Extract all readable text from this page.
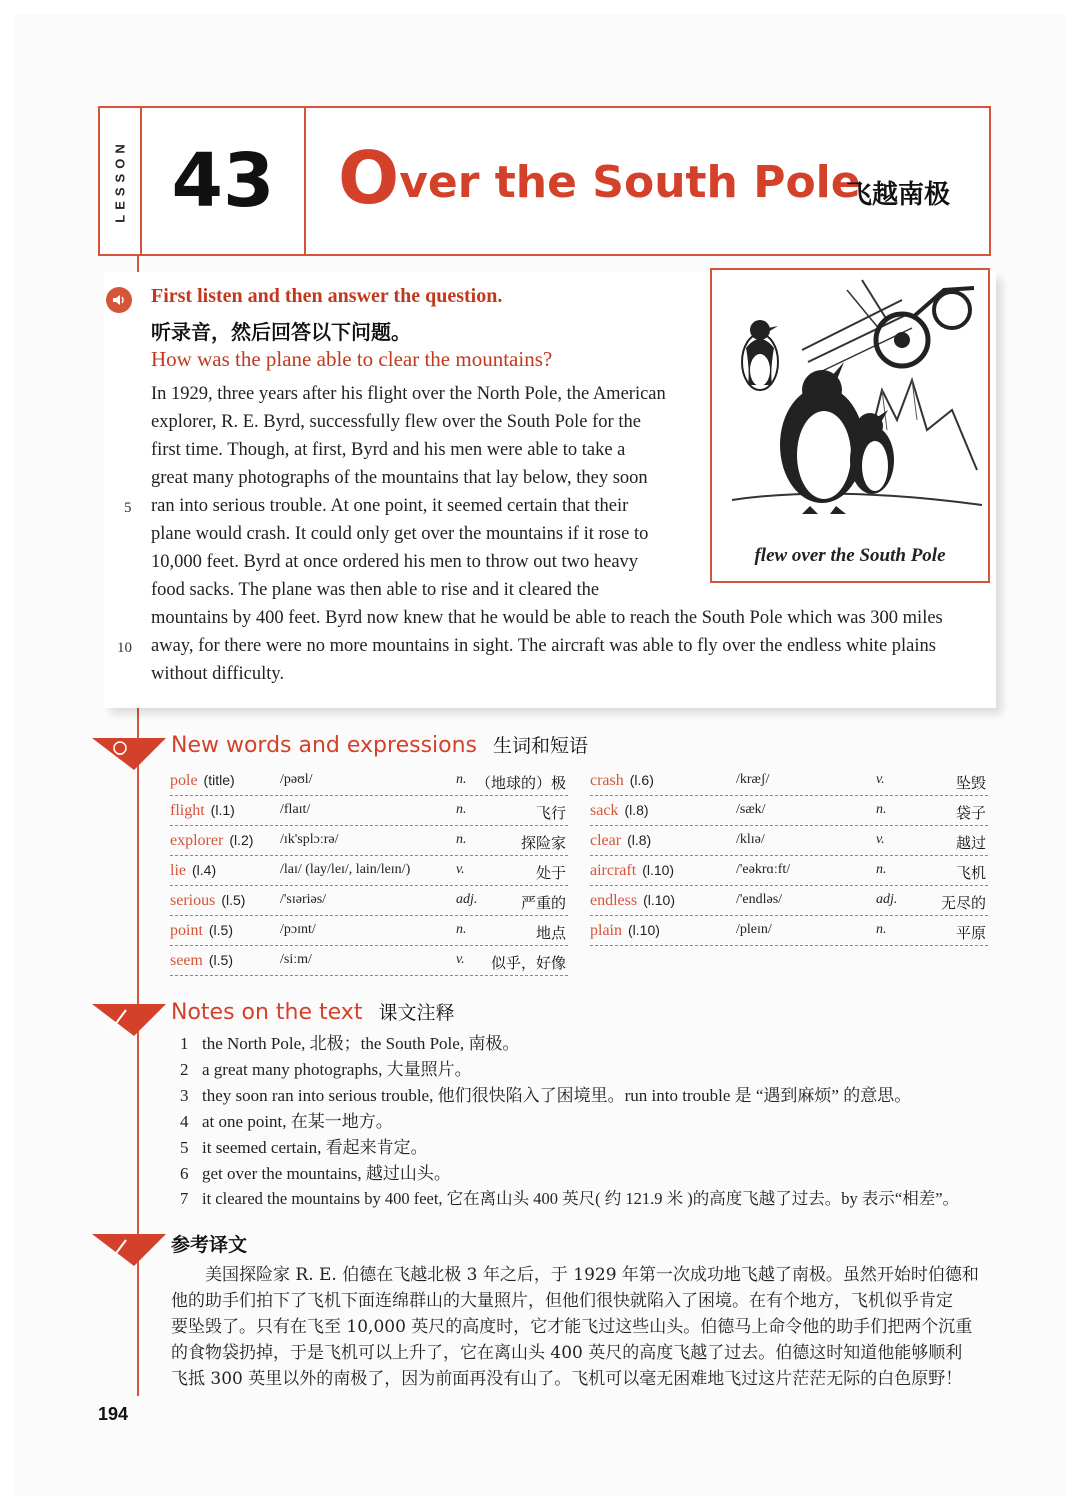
LESSON 43 Over the South Pole
飞越南极
First listen and then answer the question.
听录音，然后回答以下问题。
How was the plane able to clear the mountains?
In 1929, three years after his flight over the North Pole, the American
explorer, R. E. Byrd, successfully flew over the South Pole for the
first time. Though, at first, Byrd and his men were able to take a
great many photographs of the mountains that lay below, they soon
ran into serious trouble. At one point, it seemed certain that their
plane would crash. It could only get over the mountains if it rose to
10,000 feet. Byrd at once ordered his men to throw out two heavy
food sacks. The plane was then able to rise and it cleared the
mountains by 400 feet. Byrd now knew that he would be able to reach the South Pole which was 300 miles
away, for there were no more mountains in sight. The aircraft was able to fly over the endless white plains
without difficulty.
5
10
flew over the South Pole
New words and expressions 生词和短语
pole (title)	/pəʊl/	n. （地球的）极
flight (l.1)	/flaɪt/	n.	飞行
explorer (l.2) /ɪk'splɔːrə/	n.	探险家
lie (l.4)	/laɪ/ (lay/leɪ/, lain/leɪn/)	v.	处于
serious (l.5) /'sɪəriəs/	adj.	严重的
point (l.5)	/pɔɪnt/	n.	地点
seem (l.5)	/siːm/	v. 似乎，好像
crash (l.6)	/kræʃ/	v.	坠毁
sack (l.8)	/sæk/	n.	袋子
clear (l.8)	/klɪə/	v.	越过
aircraft (l.10)	/'eəkrɑːft/	n.	飞机
endless (l.10)	/'endləs/	adj.	无尽的
plain (l.10)	/pleɪn/	n.	平原
Notes on the text 课文注释
1 the North Pole, 北极；the South Pole, 南极。
2 a great many photographs, 大量照片。
3 they soon ran into serious trouble, 他们很快陷入了困境里。run into trouble 是 “遇到麻烦” 的意思。
4 at one point, 在某一地方。
5 it seemed certain, 看起来肯定。
6 get over the mountains, 越过山头。
7 it cleared the mountains by 400 feet, 它在离山头 400 英尺( 约 121.9 米 )的高度飞越了过去。by 表示“相差”。
参考译文
　　美国探险家 R. E. 伯德在飞越北极 3 年之后，于 1929 年第一次成功地飞越了南极。虽然开始时伯德和
他的助手们拍下了飞机下面连绵群山的大量照片，但他们很快就陷入了困境。在有个地方，飞机似乎肯定
要坠毁了。只有在飞至 10,000 英尺的高度时，它才能飞过这些山头。伯德马上命令他的助手们把两个沉重
的食物袋扔掉，于是飞机可以上升了，它在离山头 400 英尺的高度飞越了过去。伯德这时知道他能够顺利
飞抵 300 英里以外的南极了，因为前面再没有山了。飞机可以毫无困难地飞过这片茫茫无际的白色原野！
194
